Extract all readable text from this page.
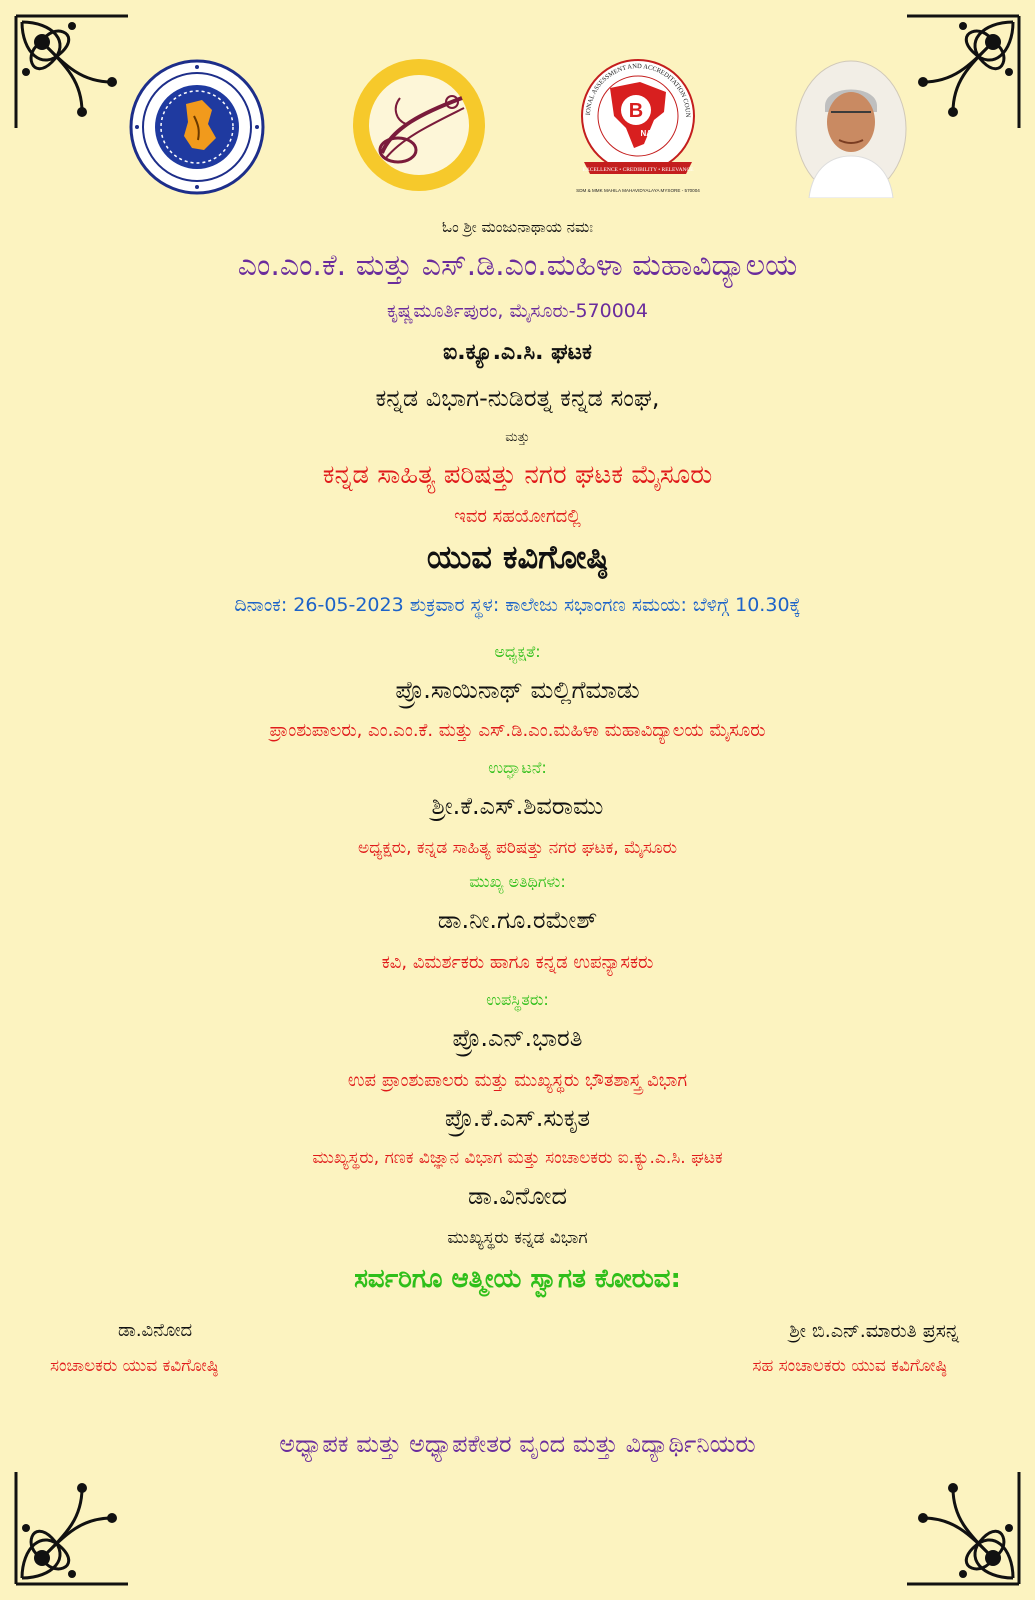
B
NAAC
IONAL ASSESSMENT AND ACCREDITATION COUN
EXCELLENCE • CREDIBILITY • RELEVANCE
SDM & MMK MAHILA MAHAVIDYALAYA MYSORE - 570004
ಓಂ ಶ್ರೀ ಮಂಜುನಾಥಾಯ ನಮಃ
ಎಂ.ಎಂ.ಕೆ. ಮತ್ತು ಎಸ್.ಡಿ.ಎಂ.ಮಹಿಳಾ ಮಹಾವಿದ್ಯಾಲಯ
ಕೃಷ್ಣಮೂರ್ತಿಪುರಂ, ಮೈಸೂರು-570004
ಐ.ಕ್ಯೂ.ಎ.ಸಿ. ಘಟಕ
ಕನ್ನಡ ವಿಭಾಗ-ನುಡಿರತ್ನ ಕನ್ನಡ ಸಂಘ,
ಮತ್ತು
ಕನ್ನಡ ಸಾಹಿತ್ಯ ಪರಿಷತ್ತು ನಗರ ಘಟಕ ಮೈಸೂರು
ಇವರ ಸಹಯೋಗದಲ್ಲಿ
ಯುವ ಕವಿಗೋಷ್ಠಿ
ದಿನಾಂಕ: 26-05-2023 ಶುಕ್ರವಾರ ಸ್ಥಳ: ಕಾಲೇಜು ಸಭಾಂಗಣ ಸಮಯ: ಬೆಳಿಗ್ಗೆ 10.30ಕ್ಕೆ
ಅಧ್ಯಕ್ಷತೆ:
ಪ್ರೊ.ಸಾಯಿನಾಥ್ ಮಲ್ಲಿಗೆಮಾಡು
ಪ್ರಾಂಶುಪಾಲರು, ಎಂ.ಎಂ.ಕೆ. ಮತ್ತು ಎಸ್.ಡಿ.ಎಂ.ಮಹಿಳಾ ಮಹಾವಿದ್ಯಾಲಯ ಮೈಸೂರು
ಉದ್ಘಾಟನೆ:
ಶ್ರೀ.ಕೆ.ಎಸ್.ಶಿವರಾಮು
ಅಧ್ಯಕ್ಷರು, ಕನ್ನಡ ಸಾಹಿತ್ಯ ಪರಿಷತ್ತು ನಗರ ಘಟಕ, ಮೈಸೂರು
ಮುಖ್ಯ ಅತಿಥಿಗಳು:
ಡಾ.ನೀ.ಗೂ.ರಮೇಶ್
ಕವಿ, ವಿಮರ್ಶಕರು ಹಾಗೂ ಕನ್ನಡ ಉಪನ್ಯಾಸಕರು
ಉಪಸ್ಥಿತರು:
ಪ್ರೊ.ಎನ್.ಭಾರತಿ
ಉಪ ಪ್ರಾಂಶುಪಾಲರು ಮತ್ತು ಮುಖ್ಯಸ್ಥರು ಭೌತಶಾಸ್ತ್ರ ವಿಭಾಗ
ಪ್ರೊ.ಕೆ.ಎಸ್.ಸುಕೃತ
ಮುಖ್ಯಸ್ಥರು, ಗಣಕ ವಿಜ್ಞಾನ ವಿಭಾಗ ಮತ್ತು ಸಂಚಾಲಕರು ಐ.ಕ್ಯು.ಎ.ಸಿ. ಘಟಕ
ಡಾ.ವಿನೋದ
ಮುಖ್ಯಸ್ಥರು ಕನ್ನಡ ವಿಭಾಗ
ಸರ್ವರಿಗೂ ಆತ್ಮೀಯ ಸ್ವಾಗತ ಕೋರುವ:
ಡಾ.ವಿನೋದ
ಸಂಚಾಲಕರು ಯುವ ಕವಿಗೋಷ್ಠಿ
ಶ್ರೀ ಬಿ.ಎನ್.ಮಾರುತಿ ಪ್ರಸನ್ನ
ಸಹ ಸಂಚಾಲಕರು ಯುವ ಕವಿಗೋಷ್ಠಿ
ಅಧ್ಯಾಪಕ ಮತ್ತು ಅಧ್ಯಾಪಕೇತರ ವೃಂದ ಮತ್ತು ವಿದ್ಯಾರ್ಥಿನಿಯರು
